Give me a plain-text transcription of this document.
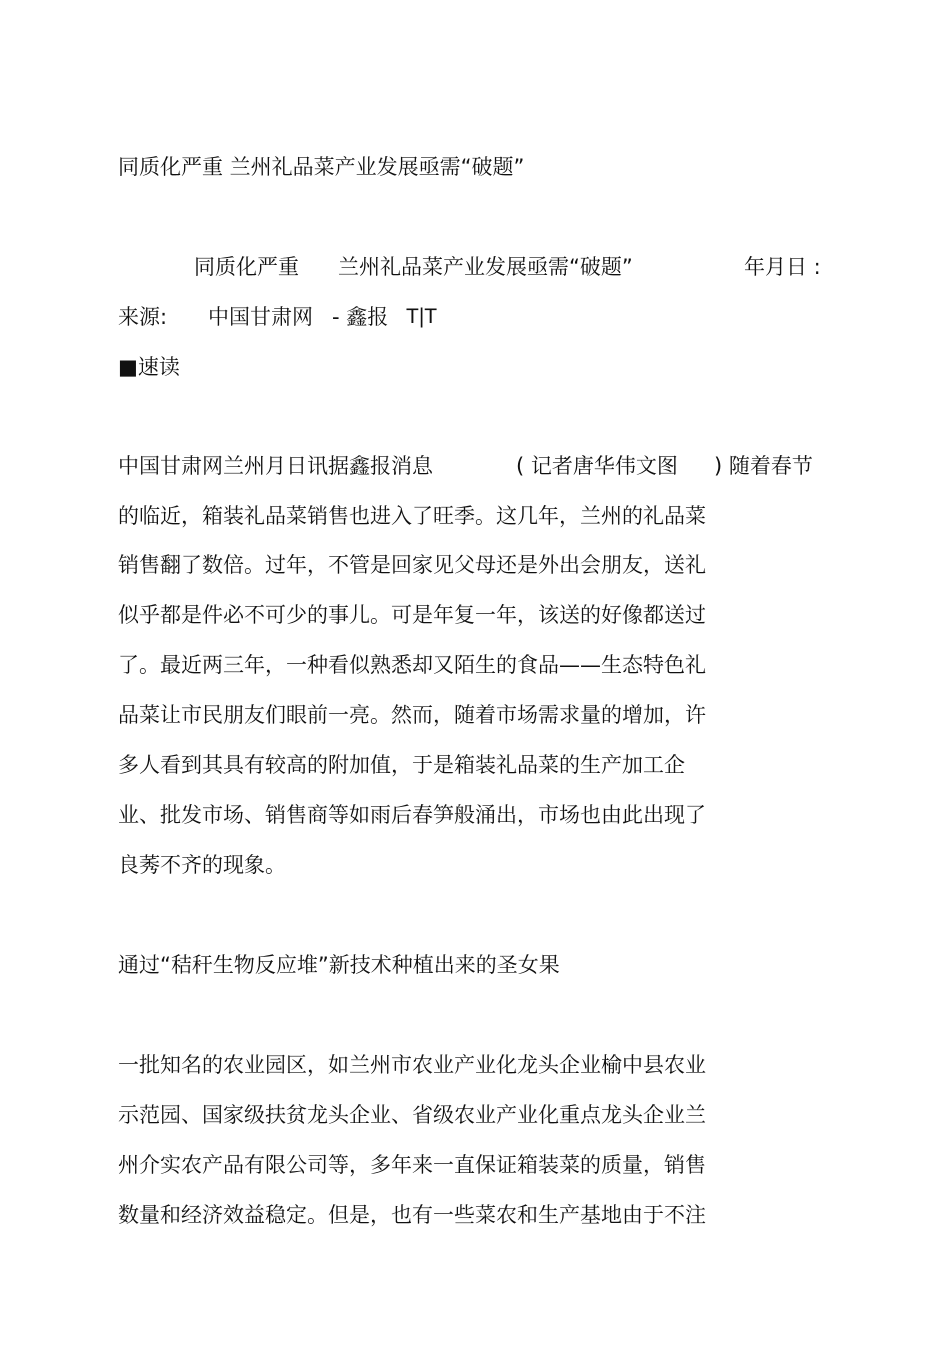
同质化严重 兰州礼品菜产业发展亟需“破题”
同质化严重 兰州礼品菜产业发展亟需“破题”	年月日 :
来源: 中国甘肃网 - 鑫报 T|T
■速读
中国甘肃网兰州月日讯据鑫报消息	( 记者唐华伟文图 ) 随着春节

的临近，箱装礼品菜销售也进入了旺季。这几年，兰州的礼品菜

销售翻了数倍。过年，不管是回家见父母还是外出会朋友，送礼

似乎都是件必不可少的事儿。可是年复一年，该送的好像都送过

了。最近两三年，一种看似熟悉却又陌生的食品——生态特色礼

品菜让市民朋友们眼前一亮。然而，随着市场需求量的增加，许

多人看到其具有较高的附加值，于是箱装礼品菜的生产加工企

业、批发市场、销售商等如雨后春笋般涌出，市场也由此出现了

良莠不齐的现象。

通过“秸秆生物反应堆”新技术种植出来的圣女果

一批知名的农业园区，如兰州市农业产业化龙头企业榆中县农业

示范园、国家级扶贫龙头企业、省级农业产业化重点龙头企业兰

州介实农产品有限公司等，多年来一直保证箱装菜的质量，销售

数量和经济效益稳定。但是，也有一些菜农和生产基地由于不注
